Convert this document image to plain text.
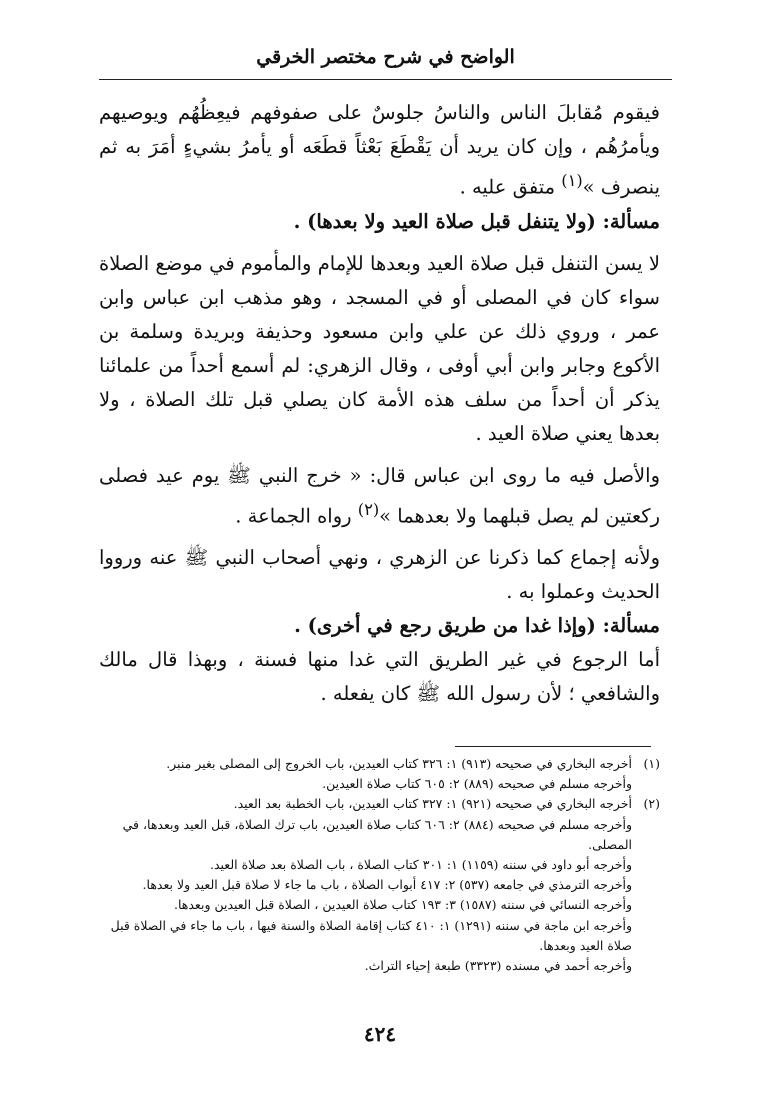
الواضح في شرح مختصر الخرقي

فيقوم مُقابلَ الناس والناسُ جلوسٌ على صفوفهم فيعِظُهُم ويوصيهم ويأمرُهُم ، وإن كان يريد أن يَقْطَعَ بَعْثاً قطَعَه أو يأمرُ بشيءٍ أمَرَ به ثم ينصرف »$^{(١)}$ متفق عليه .

مسألة: (ولا يتنفل قبل صلاة العيد ولا بعدها) .

لا يسن التنفل قبل صلاة العيد وبعدها للإمام والمأموم في موضع الصلاة سواء كان في المصلى أو في المسجد ، وهو مذهب ابن عباس وابن عمر ، وروي ذلك عن علي وابن مسعود وحذيفة وبريدة وسلمة بن الأكوع وجابر وابن أبي أوفى ، وقال الزهري: لم أسمع أحداً من علمائنا يذكر أن أحداً من سلف هذه الأمة كان يصلي قبل تلك الصلاة ، ولا بعدها يعني صلاة العيد .

والأصل فيه ما روى ابن عباس قال: « خرج النبي ﷺ يوم عيد فصلى ركعتين لم يصل قبلهما ولا بعدهما »$^{(٢)}$ رواه الجماعة .

ولأنه إجماع كما ذكرنا عن الزهري ، ونهي أصحاب النبي ﷺ عنه ورووا الحديث وعملوا به .

مسألة: (وإذا غدا من طريق رجع في أخرى) .

أما الرجوع في غير الطريق التي غدا منها فسنة ، وبهذا قال مالك والشافعي ؛ لأن رسول الله ﷺ كان يفعله .

(١)أخرجه البخاري في صحيحه (٩١٣) ١: ٣٢٦ كتاب العيدين، باب الخروج إلى المصلى بغير منبر.

وأخرجه مسلم في صحيحه (٨٨٩) ٢: ٦٠٥ كتاب صلاة العيدين.

(٢)أخرجه البخاري في صحيحه (٩٢١) ١: ٣٢٧ كتاب العيدين، باب الخطبة بعد العيد.

وأخرجه مسلم في صحيحه (٨٨٤) ٢: ٦٠٦ كتاب صلاة العيدين، باب ترك الصلاة، قبل العيد وبعدها، في المصلى.

وأخرجه أبو داود في سننه (١١٥٩) ١: ٣٠١ كتاب الصلاة ، باب الصلاة بعد صلاة العيد.

وأخرجه الترمذي في جامعه (٥٣٧) ٢: ٤١٧ أبواب الصلاة ، باب ما جاء لا صلاة قبل العيد ولا بعدها.

وأخرجه النسائي في سننه (١٥٨٧) ٣: ١٩٣ كتاب صلاة العيدين ، الصلاة قبل العيدين وبعدها.

وأخرجه ابن ماجة في سننه (١٢٩١) ١: ٤١٠ كتاب إقامة الصلاة والسنة فيها ، باب ما جاء في الصلاة قبل صلاة العيد وبعدها.

وأخرجه أحمد في مسنده (٣٣٢٣) طبعة إحياء التراث.

٤٢٤
